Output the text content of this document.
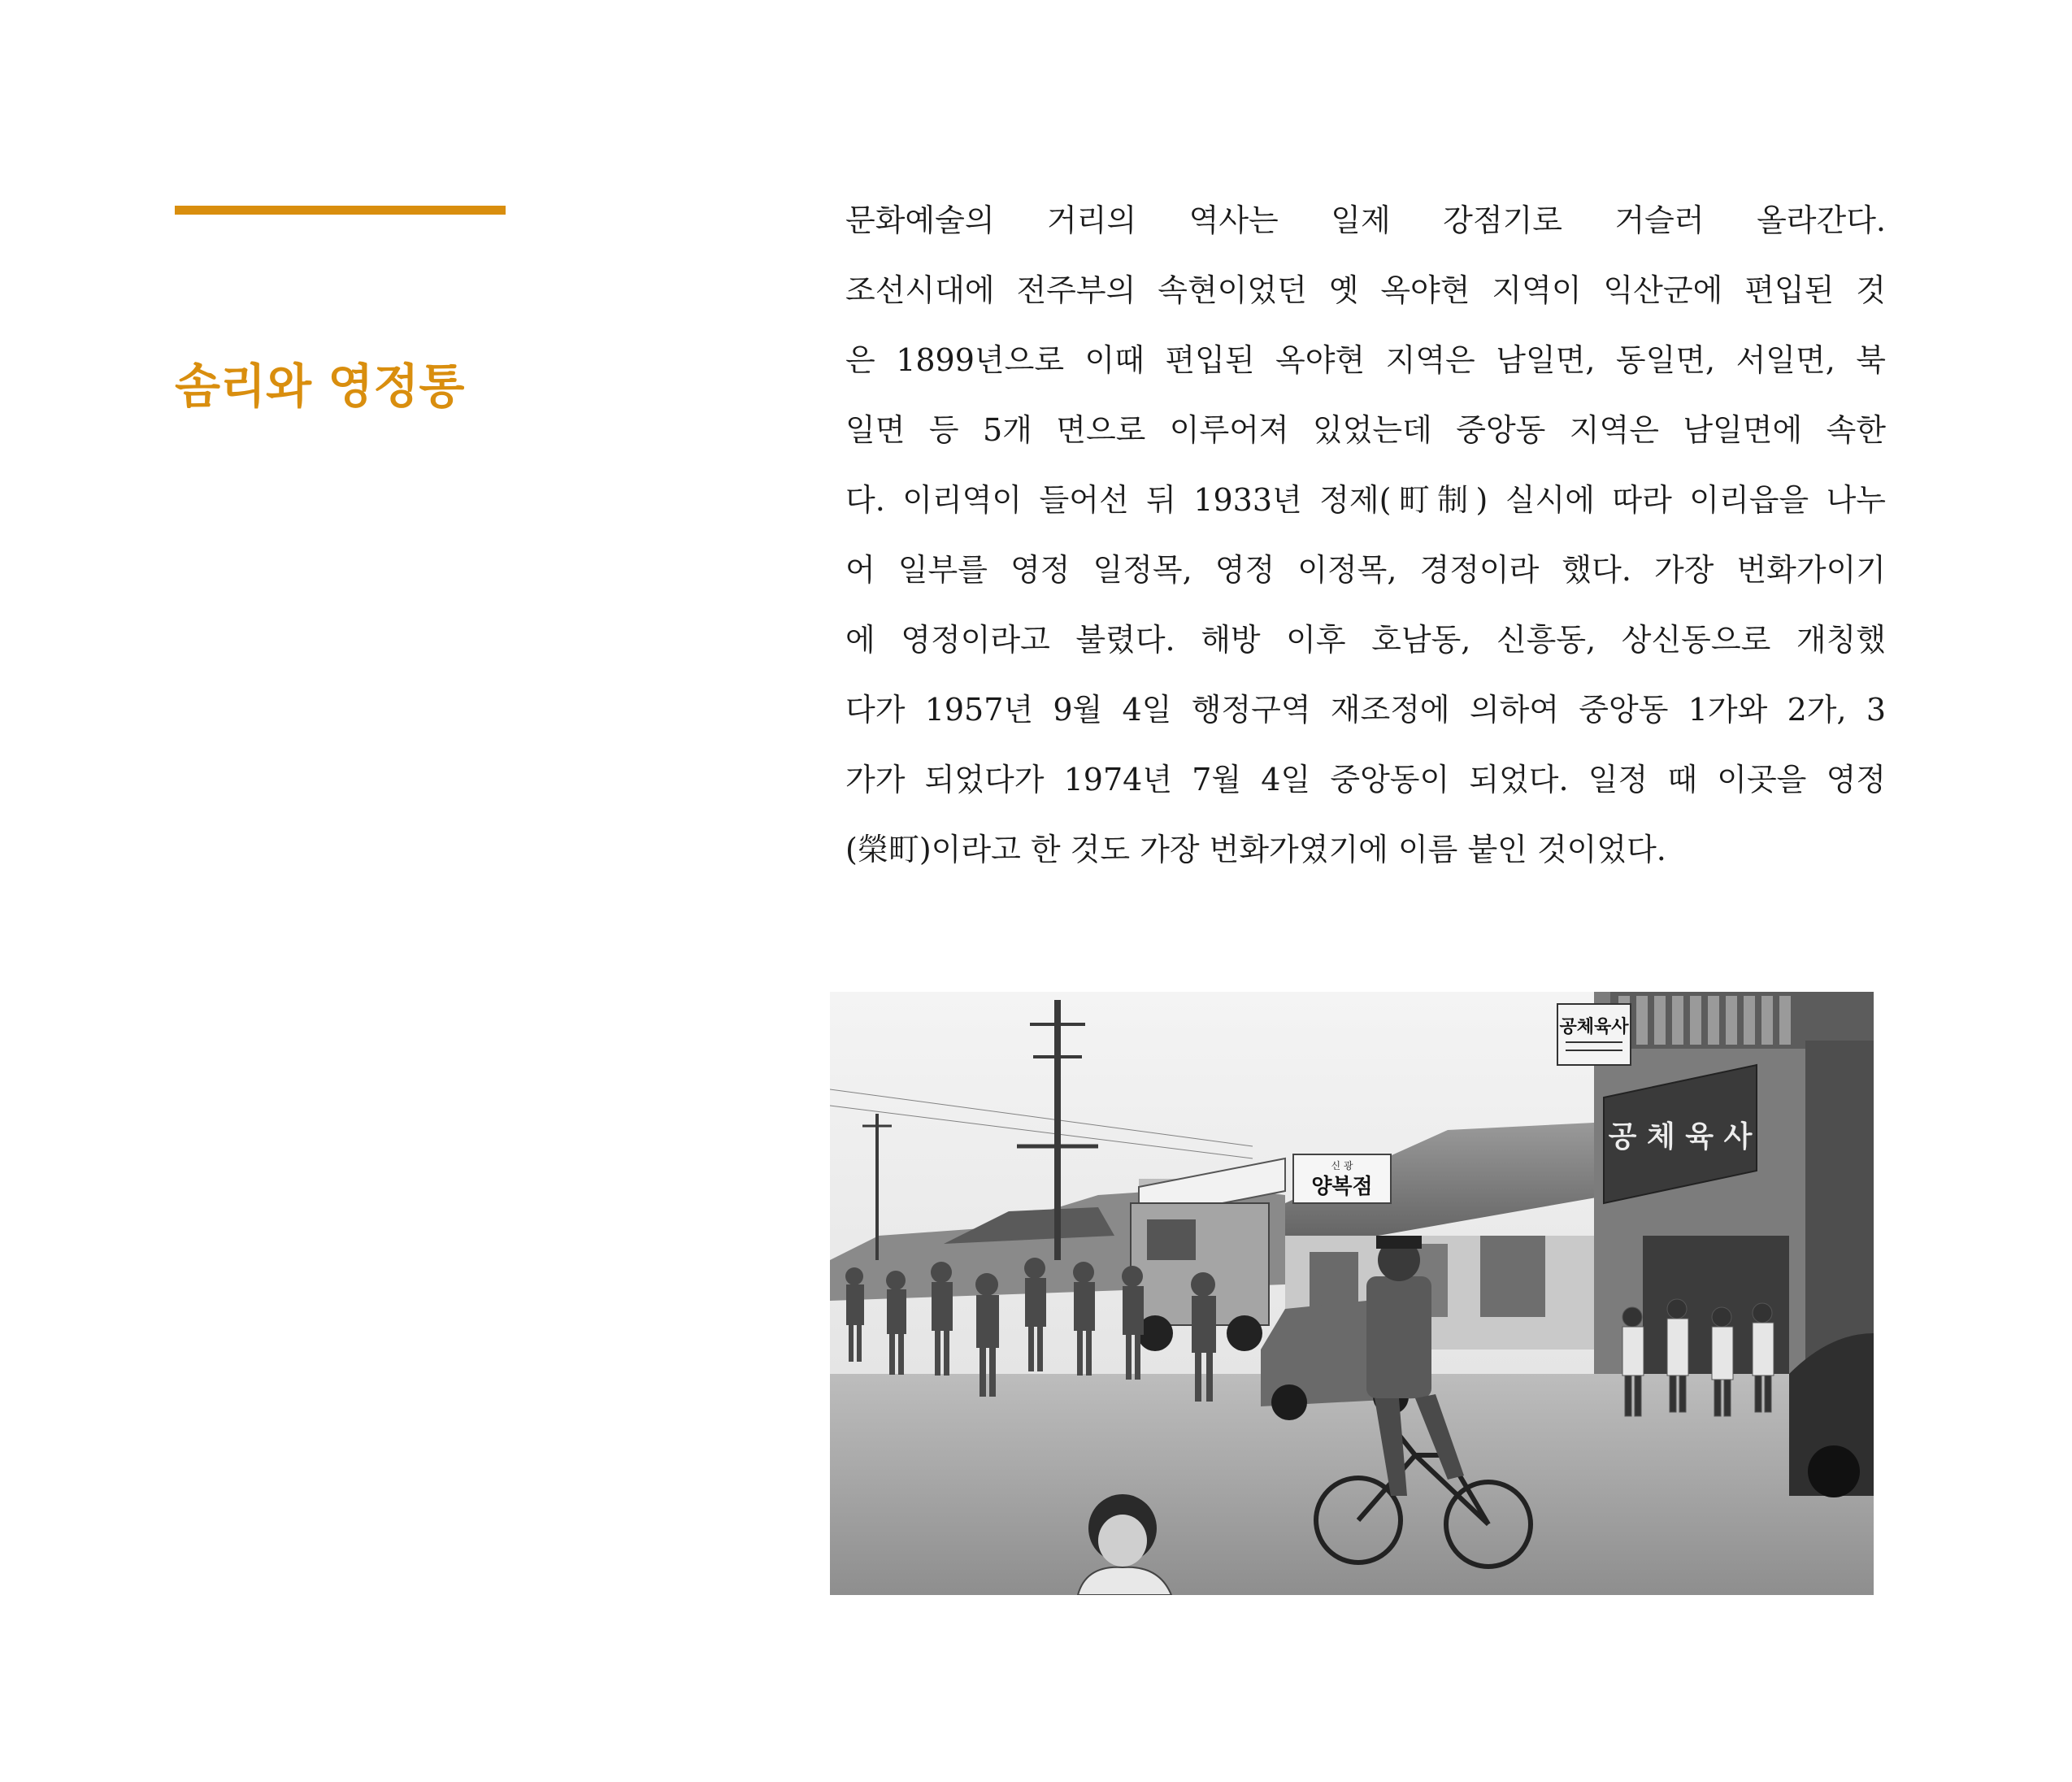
솜리와 영정통
문화예술의 거리의 역사는 일제 강점기로 거슬러 올라간다.
조선시대에 전주부의 속현이었던 옛 옥야현 지역이 익산군에 편입된 것
은 1899년으로 이때 편입된 옥야현 지역은 남일면, 동일면, 서일면, 북
일면 등 5개 면으로 이루어져 있었는데 중앙동 지역은 남일면에 속한
다. 이리역이 들어선 뒤 1933년 정제(町制) 실시에 따라 이리읍을 나누
어 일부를 영정 일정목, 영정 이정목, 경정이라 했다. 가장 번화가이기
에 영정이라고 불렸다. 해방 이후 호남동, 신흥동, 상신동으로 개칭했
다가 1957년 9월 4일 행정구역 재조정에 의하여 중앙동 1가와 2가, 3
가가 되었다가 1974년 7월 4일 중앙동이 되었다. 일정 때 이곳을 영정
(榮町)이라고 한 것도 가장 번화가였기에 이름 붙인 것이었다.
신 광
양복점
공 체 육 사
공체육사
